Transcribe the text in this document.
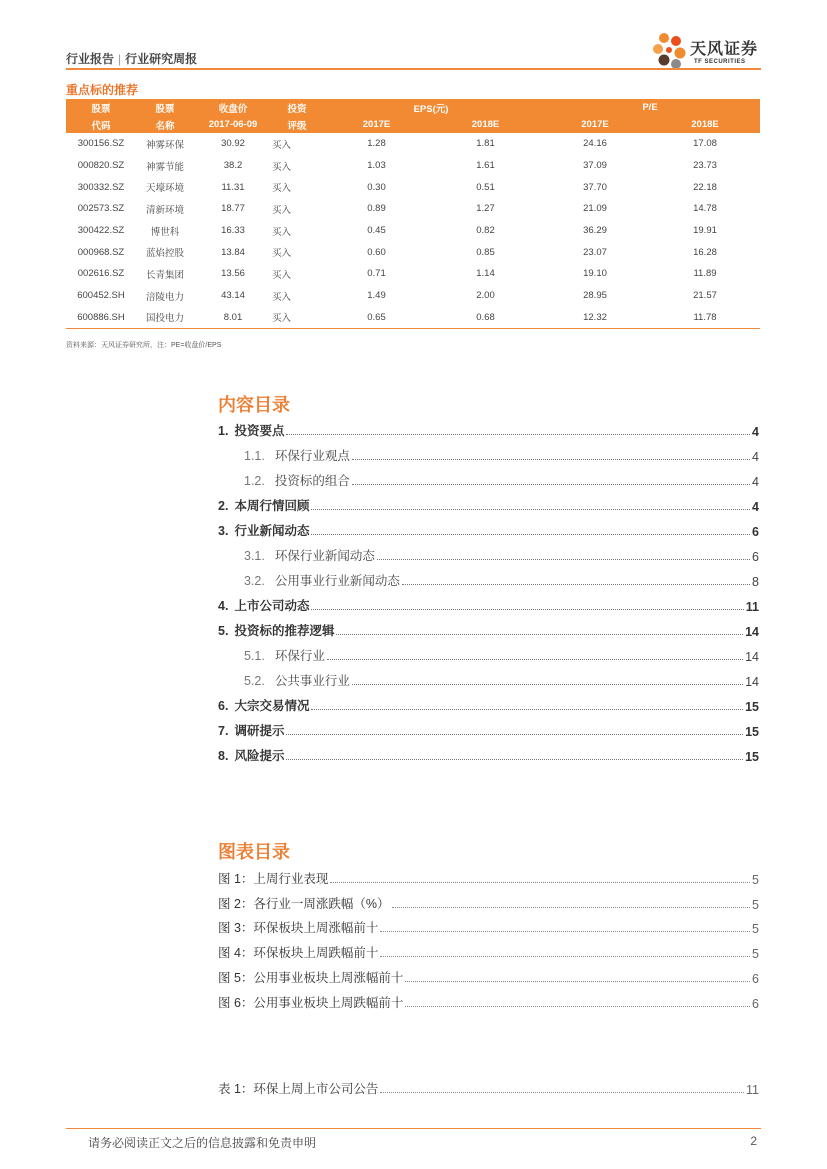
行业报告 | 行业研究周报
天风证券
TF SECURITIES
重点标的推荐
股票	股票	收盘价	投资	EPS(元)		P/E	
代码	名称	2017-06-09	评级	2017E	2018E	2017E	2018E
300156.SZ	神雾环保	30.92	买入	1.28	1.81	24.16	17.08
000820.SZ	神雾节能	38.2	买入	1.03	1.61	37.09	23.73
300332.SZ	天壕环境	11.31	买入	0.30	0.51	37.70	22.18
002573.SZ	清新环境	18.77	买入	0.89	1.27	21.09	14.78
300422.SZ	博世科	16.33	买入	0.45	0.82	36.29	19.91
000968.SZ	蓝焰控股	13.84	买入	0.60	0.85	23.07	16.28
002616.SZ	长青集团	13.56	买入	0.71	1.14	19.10	11.89
600452.SH	涪陵电力	43.14	买入	1.49	2.00	28.95	21.57
600886.SH	国投电力	8.01	买入	0.65	0.68	12.32	11.78
资料来源：天风证券研究所，注：PE=收盘价/EPS
内容目录
1. 投资要点	4
1.1. 环保行业观点	4
1.2. 投资标的组合	4
2. 本周行情回顾	4
3. 行业新闻动态	6
3.1. 环保行业新闻动态	6
3.2. 公用事业行业新闻动态	8
4. 上市公司动态	11
5. 投资标的推荐逻辑	14
5.1. 环保行业	14
5.2. 公共事业行业	14
6. 大宗交易情况	15
7. 调研提示	15
8. 风险提示	15
图表目录
图 1：上周行业表现	5
图 2：各行业一周涨跌幅（%）	5
图 3：环保板块上周涨幅前十	5
图 4：环保板块上周跌幅前十	5
图 5：公用事业板块上周涨幅前十	6
图 6：公用事业板块上周跌幅前十	6
表 1：环保上周上市公司公告	11
请务必阅读正文之后的信息披露和免责申明	2
